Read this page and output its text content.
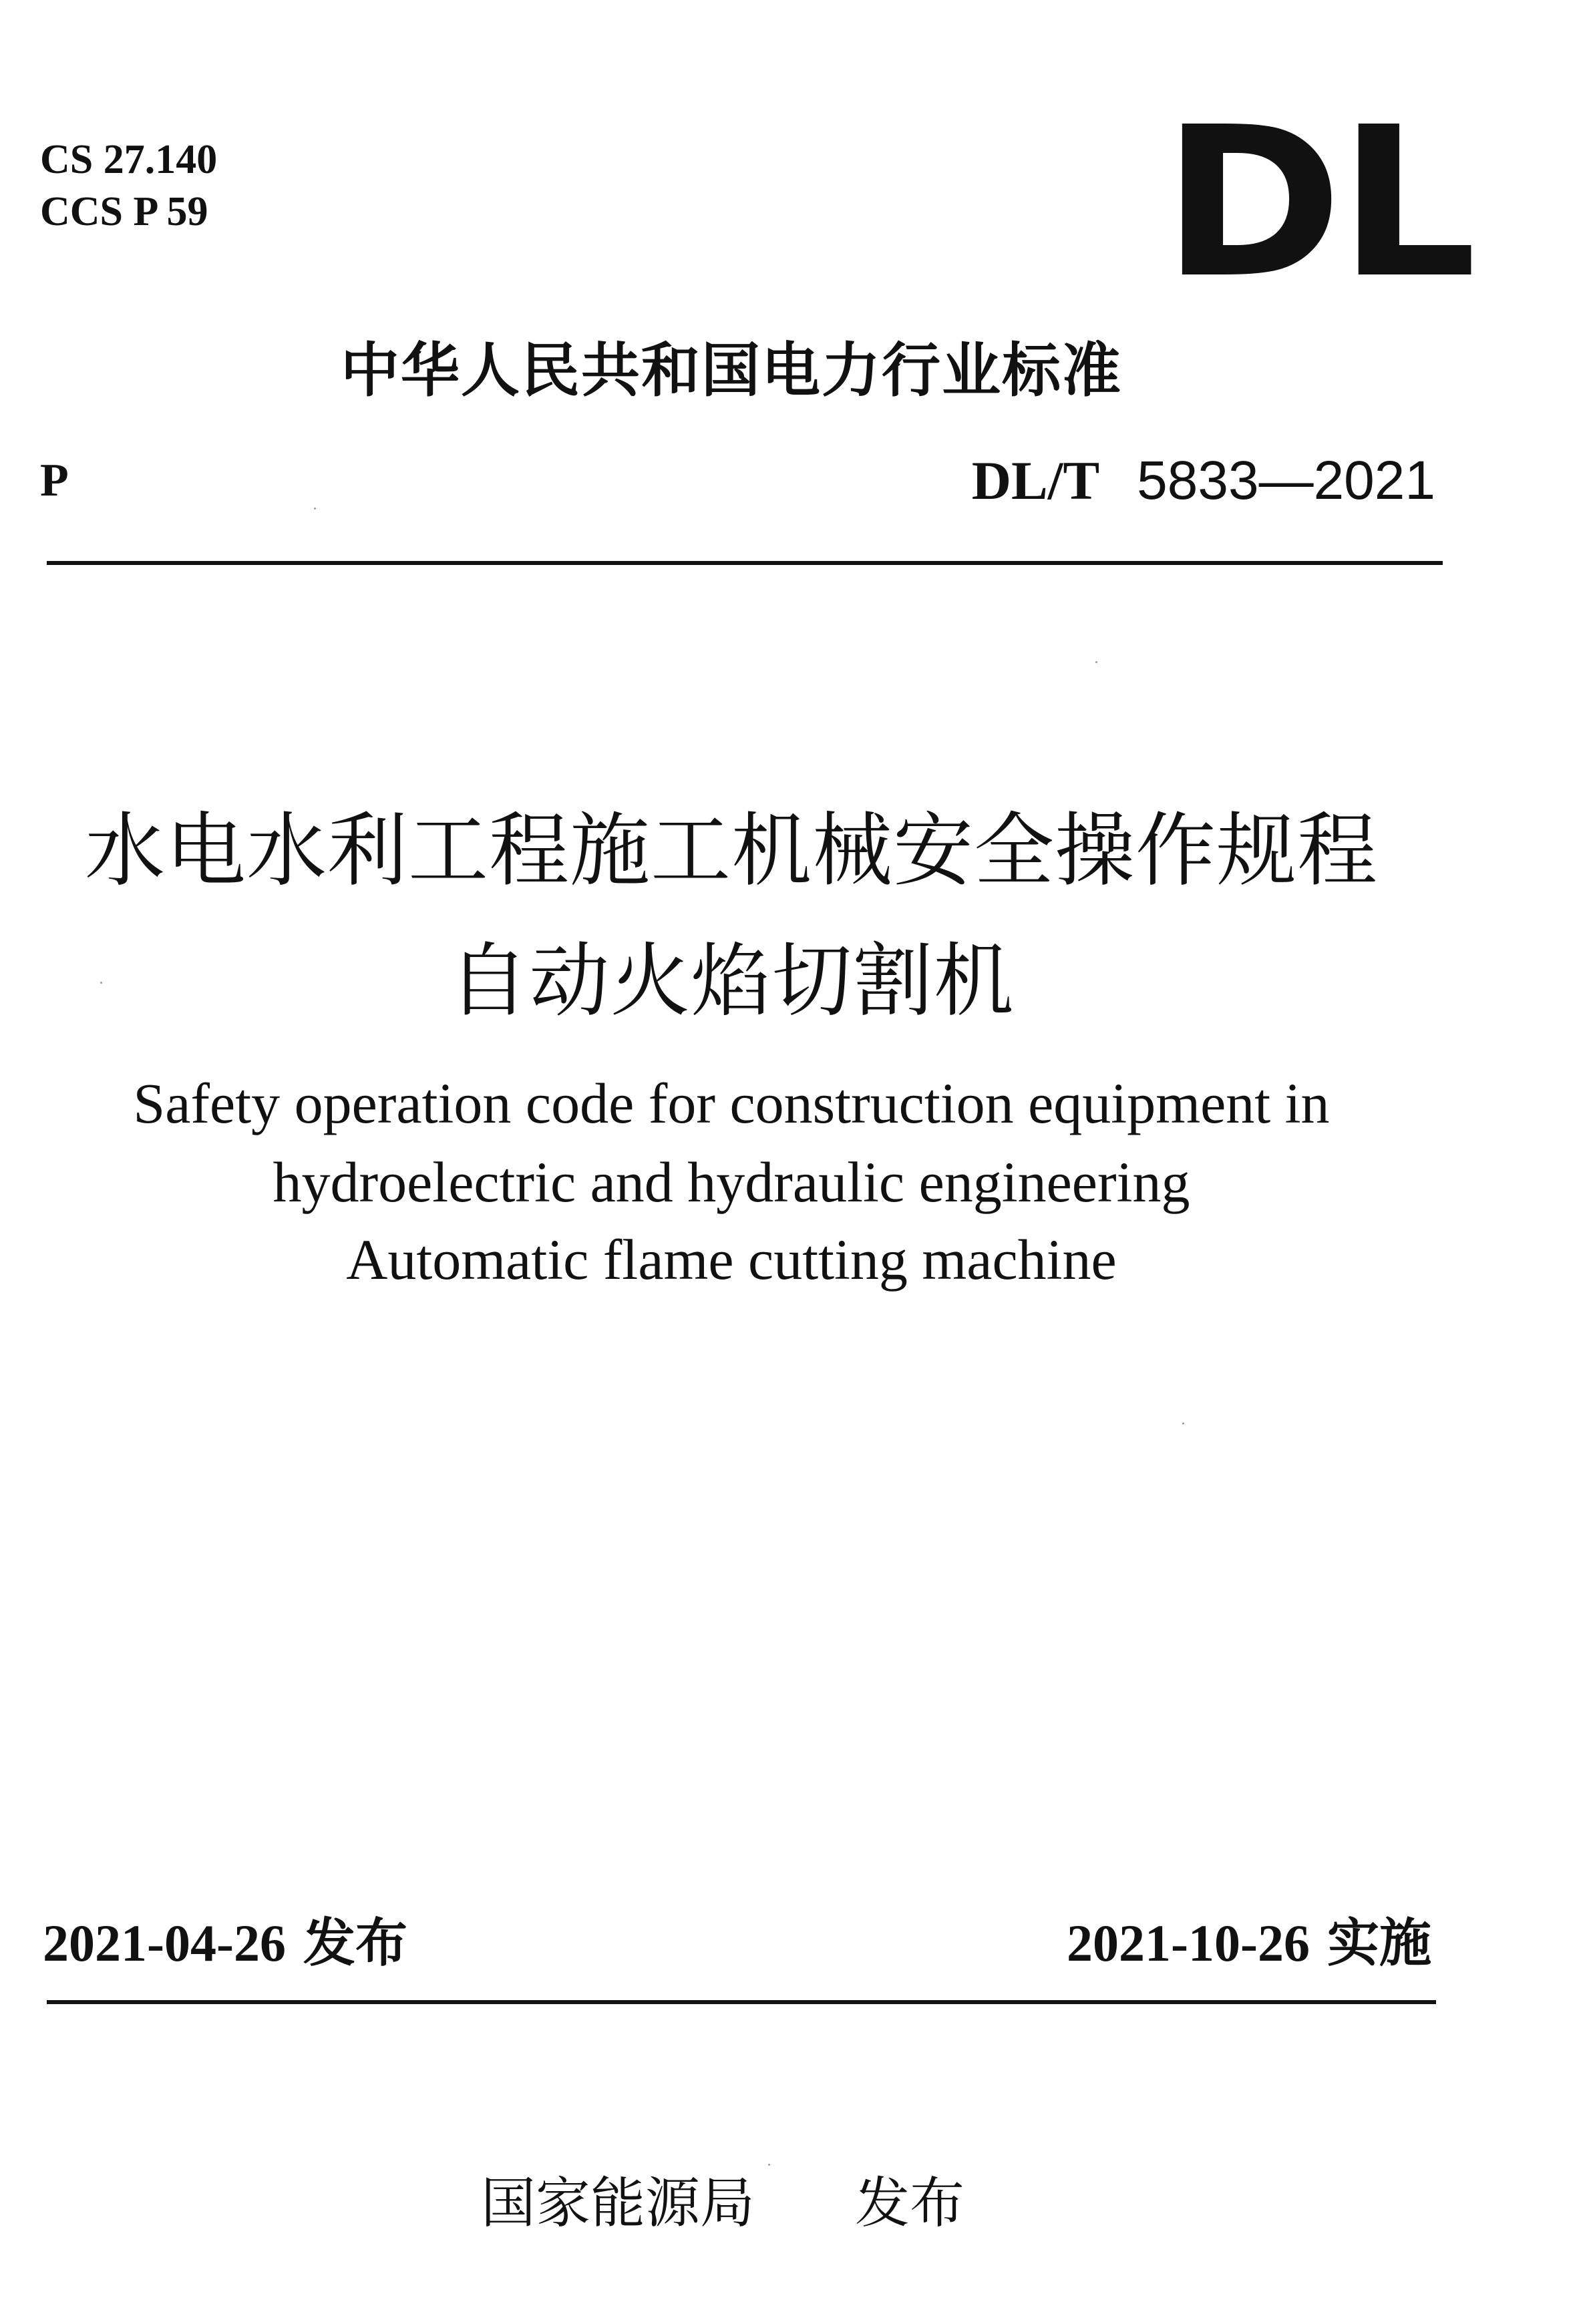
CS 27.140
CCS P 59	DL
中华人民共和国电力行业标准
P	DL/T 5833—2021
水电水利工程施工机械安全操作规程
自动火焰切割机
Safety operation code for construction equipment in
hydroelectric and hydraulic engineering
Automatic flame cutting machine
2021-04-26 发布	2021-10-26 实施
国家能源局 发布
